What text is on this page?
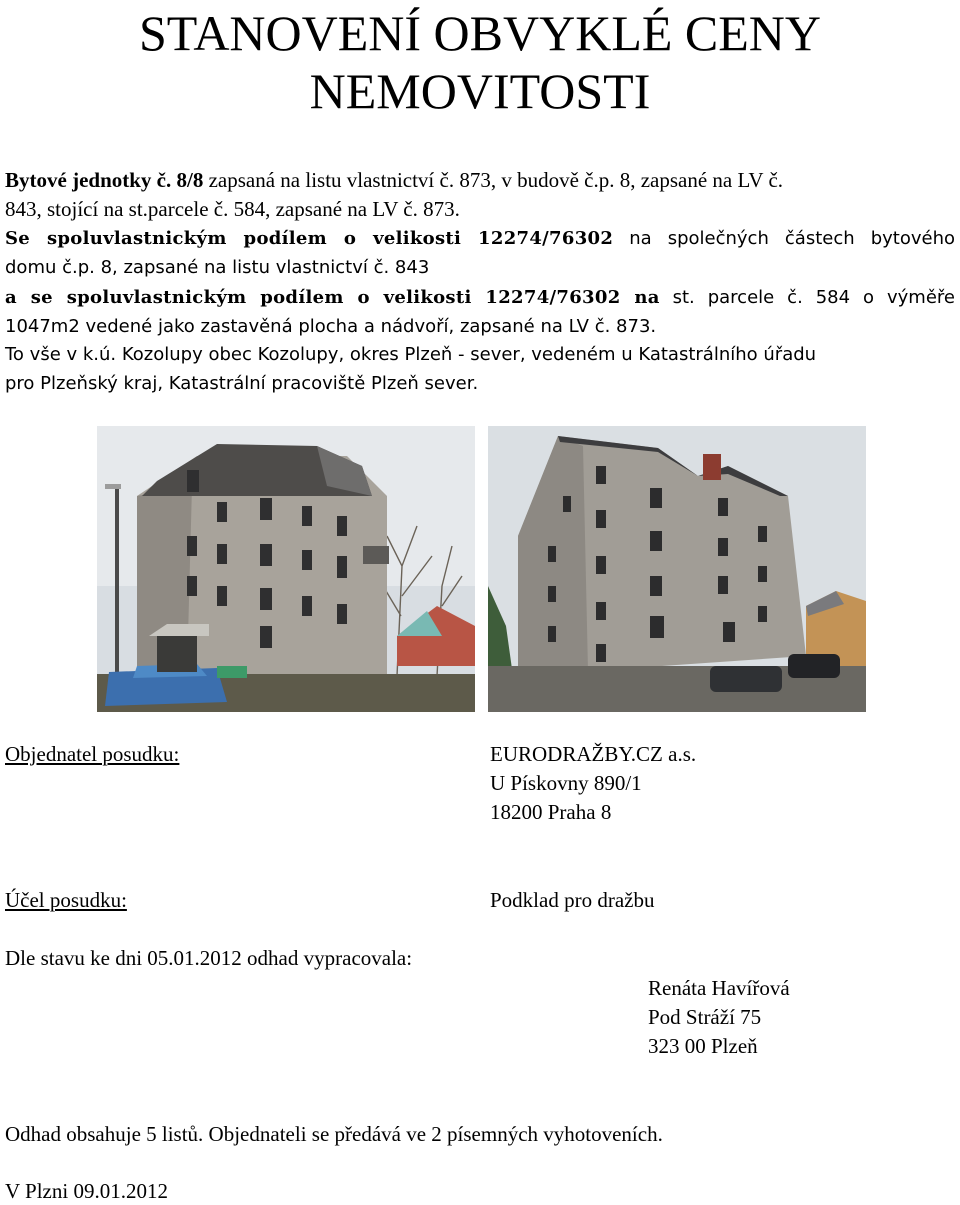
STANOVENÍ OBVYKLÉ CENY
NEMOVITOSTI

Bytové jednotky č. 8/8 zapsaná na listu vlastnictví č. 873, v budově č.p. 8, zapsané na LV č.

843, stojící na st.parcele č. 584, zapsané na LV č. 873.

Se spoluvlastnickým podílem o velikosti 12274/76302 na společných částech bytového

domu č.p. 8, zapsané na listu vlastnictví č. 843

a se spoluvlastnickým podílem o velikosti 12274/76302 na st. parcele č. 584 o výměře

1047m2 vedené jako zastavěná plocha a nádvoří, zapsané na LV č. 873.

To vše v k.ú. Kozolupy obec Kozolupy, okres Plzeň - sever, vedeném u Katastrálního úřadu

pro Plzeňský kraj, Katastrální pracoviště Plzeň sever.

Objednatel posudku:	EURODRAŽBY.CZ a.s.
U Pískovny 890/1
18200 Praha 8
Účel posudku:	Podklad pro dražbu
Dle stavu ke dni 05.01.2012 odhad vypracovala:
Renáta Havířová
Pod Stráží 75
323 00 Plzeň
Odhad obsahuje 5 listů. Objednateli se předává ve 2 písemných vyhotoveních.
V Plzni 09.01.2012
